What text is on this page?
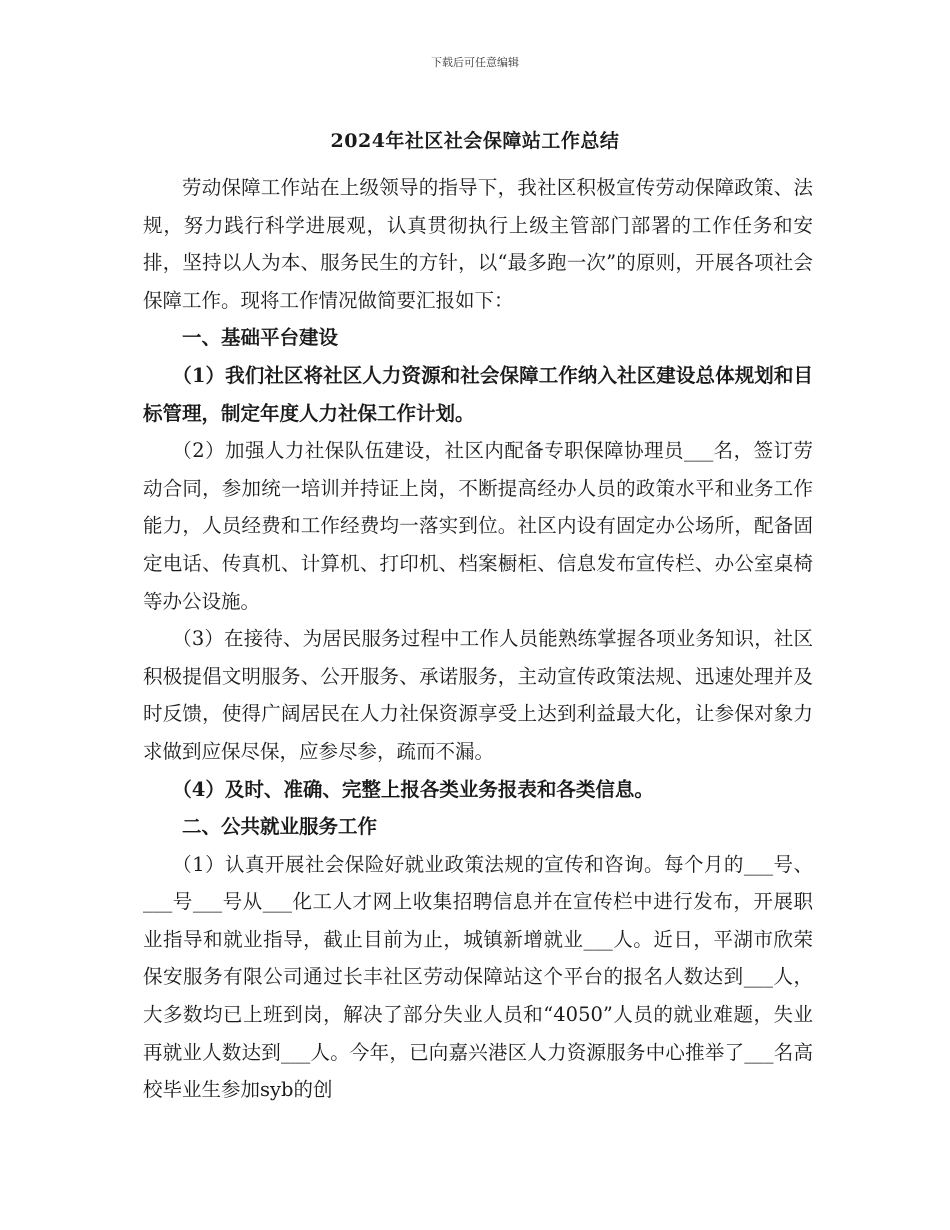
下载后可任意编辑
2024年社区社会保障站工作总结

劳动保障工作站在上级领导的指导下，我社区积极宣传劳动保障政策、法规，努力践行科学进展观，认真贯彻执行上级主管部门部署的工作任务和安排，坚持以人为本、服务民生的方针，以“最多跑一次”的原则，开展各项社会保障工作。现将工作情况做简要汇报如下：

一、基础平台建设

（1）我们社区将社区人力资源和社会保障工作纳入社区建设总体规划和目标管理，制定年度人力社保工作计划。

（2）加强人力社保队伍建设，社区内配备专职保障协理员___名，签订劳动合同，参加统一培训并持证上岗，不断提高经办人员的政策水平和业务工作能力，人员经费和工作经费均一落实到位。社区内设有固定办公场所，配备固定电话、传真机、计算机、打印机、档案橱柜、信息发布宣传栏、办公室桌椅等办公设施。

（3）在接待、为居民服务过程中工作人员能熟练掌握各项业务知识，社区积极提倡文明服务、公开服务、承诺服务，主动宣传政策法规、迅速处理并及时反馈，使得广阔居民在人力社保资源享受上达到利益最大化，让参保对象力求做到应保尽保，应参尽参，疏而不漏。

（4）及时、准确、完整上报各类业务报表和各类信息。

二、公共就业服务工作

（1）认真开展社会保险好就业政策法规的宣传和咨询。每个月的___号、___号___号从___化工人才网上收集招聘信息并在宣传栏中进行发布，开展职业指导和就业指导，截止目前为止，城镇新增就业___人。近日，平湖市欣荣保安服务有限公司通过长丰社区劳动保障站这个平台的报名人数达到___人，大多数均已上班到岗，解决了部分失业人员和“4050”人员的就业难题，失业再就业人数达到___人。今年，已向嘉兴港区人力资源服务中心推举了___名高校毕业生参加syb的创
